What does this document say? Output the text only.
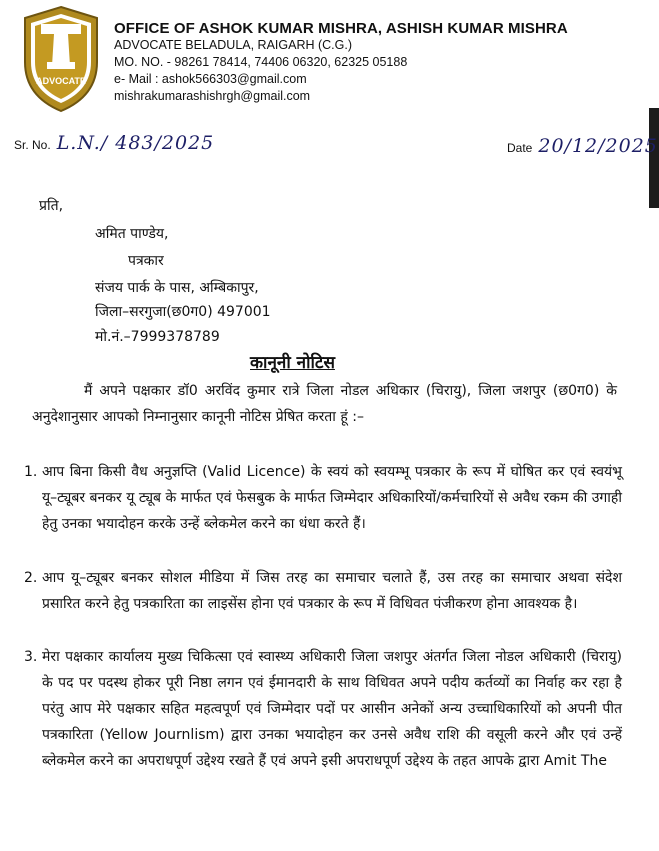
ADVOCATE
OFFICE OF ASHOK KUMAR MISHRA, ASHISH KUMAR MISHRA
ADVOCATE BELADULA, RAIGARH (C.G.)
MO. NO. - 98261 78414, 74406 06320, 62325 05188
e- Mail : ashok566303@gmail.com
mishrakumarashishrgh@gmail.com
Sr. No. L.N./ 483/2025	Date 20/12/2025
प्रति,
अमित पाण्डेय,
पत्रकार
संजय पार्क के पास, अम्बिकापुर,
जिला–सरगुजा(छ0ग0) 497001
मो.नं.–7999378789
कानूनी नोटिस
मैं अपने पक्षकार डॉ0 अरविंद कुमार रात्रे जिला नोडल अधिकार (चिरायु), जिला जशपुर (छ0ग0) के अनुदेशानुसार आपको निम्नानुसार कानूनी नोटिस प्रेषित करता हूं :–
1. आप बिना किसी वैध अनुज्ञप्ति (Valid Licence) के स्वयं को स्वयम्भू पत्रकार के रूप में घोषित कर एवं स्वयंभू यू–ट्यूबर बनकर यू ट्यूब के मार्फत एवं फेसबुक के मार्फत जिम्मेदार अधिकारियों/कर्मचारियों से अवैध रकम की उगाही हेतु उनका भयादोहन करके उन्हें ब्लेकमेल करने का धंधा करते हैं।
2. आप यू–ट्यूबर बनकर सोशल मीडिया में जिस तरह का समाचार चलाते हैं, उस तरह का समाचार अथवा संदेश प्रसारित करने हेतु पत्रकारिता का लाइसेंस होना एवं पत्रकार के रूप में विधिवत पंजीकरण होना आवश्यक है।
3. मेरा पक्षकार कार्यालय मुख्य चिकित्सा एवं स्वास्थ्य अधिकारी जिला जशपुर अंतर्गत जिला नोडल अधिकारी (चिरायु) के पद पर पदस्थ होकर पूरी निष्ठा लगन एवं ईमानदारी के साथ विधिवत अपने पदीय कर्तव्यों का निर्वाह कर रहा है परंतु आप मेरे पक्षकार सहित महत्वपूर्ण एवं जिम्मेदार पदों पर आसीन अनेकों अन्य उच्चाधिकारियों को अपनी पीत पत्रकारिता (Yellow Journlism) द्वारा उनका भयादोहन कर उनसे अवैध राशि की वसूली करने और एवं उन्हें ब्लेकमेल करने का अपराधपूर्ण उद्देश्य रखते हैं एवं अपने इसी अपराधपूर्ण उद्देश्य के तहत आपके द्वारा Amit The
